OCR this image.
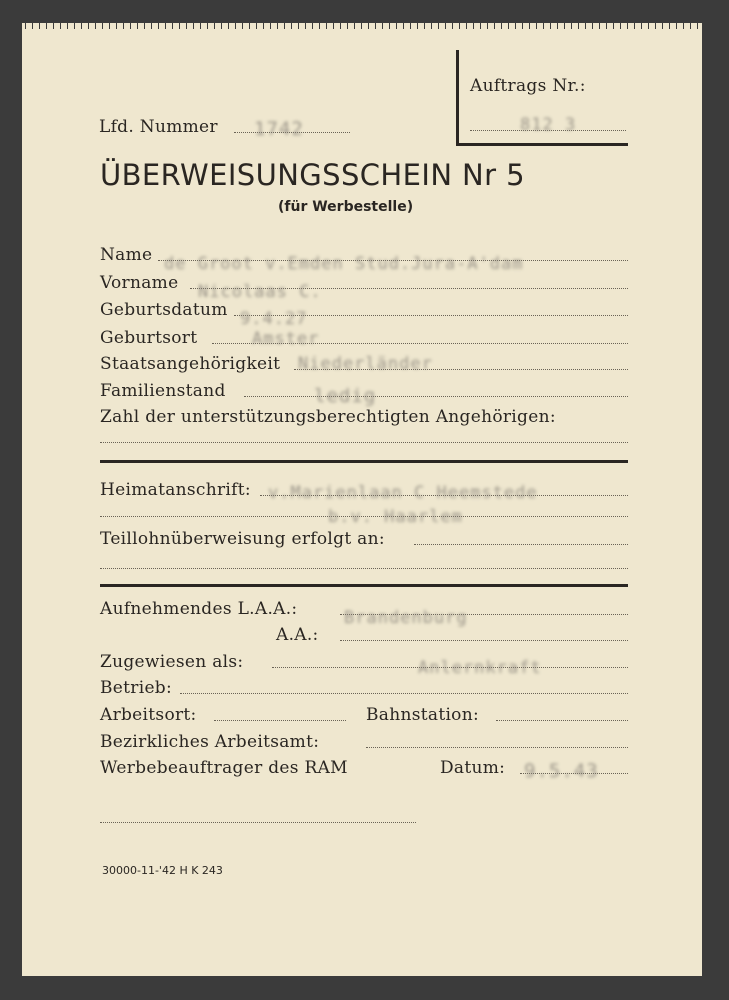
Auftrags Nr.:
812 3
Lfd. Nummer 1742
ÜBERWEISUNGSSCHEIN Nr 5
(für Werbestelle)
Name de Groot v.Emden Stud.Jura-A'dam
Vorname Nicolaas C.
Geburtsdatum 9.4.27
Geburtsort	Amster
Staatsangehörigkeit Niederländer
Familienstand	ledig
Zahl der unterstützungsberechtigten Angehörigen:
Heimatanschrift: v.Marienlaan C Heemstede
b.v. Haarlem
Teillohnüberweisung erfolgt an:
Aufnehmendes L.A.A.:	Brandenburg
A.A.:
Zugewiesen als:	Anlernkraft
Betrieb:
Arbeitsort:	Bahnstation:
Bezirkliches Arbeitsamt:
Werbebeauftrager des RAM	Datum: 9.5.43
30000-11-'42 H K 243
